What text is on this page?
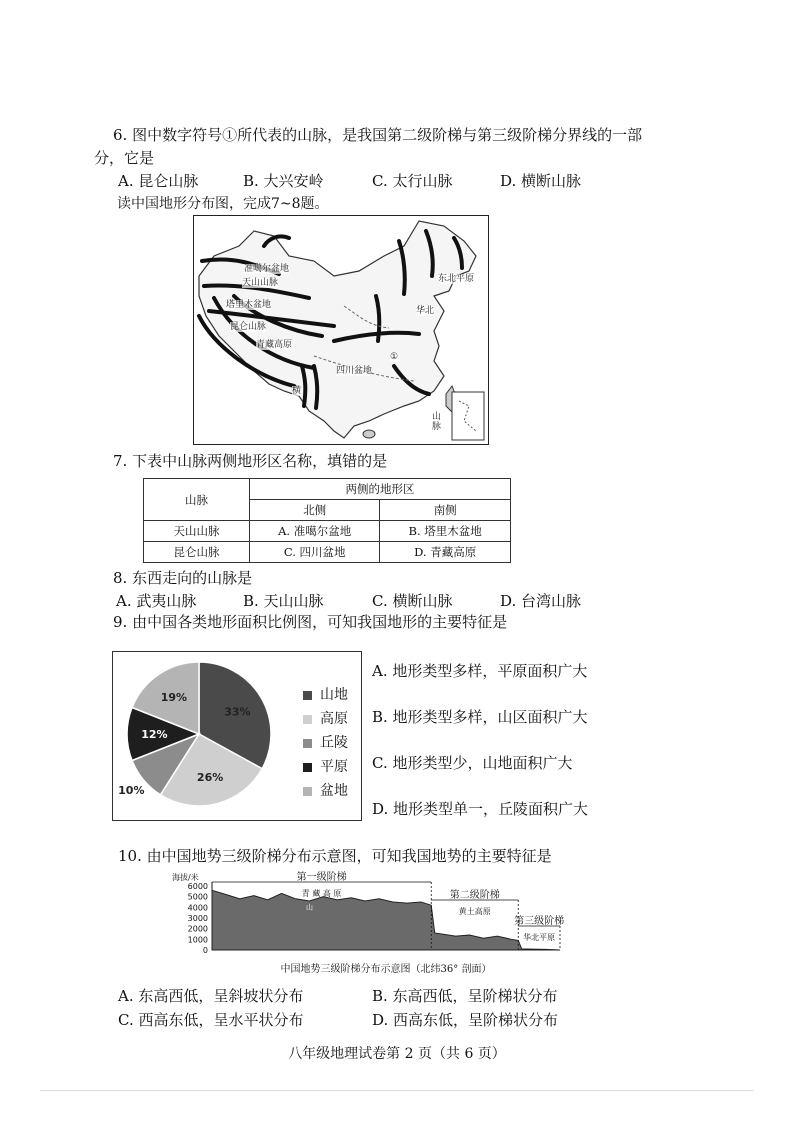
6. 图中数字符号①所代表的山脉，是我国第二级阶梯与第三级阶梯分界线的一部
分，它是
A. 昆仑山脉	B. 大兴安岭	C. 太行山脉	D. 横断山脉
读中国地形分布图，完成7~8题。
准噶尔盆地
天山山脉
塔里木盆地
昆仑山脉
青藏高原
四川盆地
横
东北平原
华北
①
山
脉
7. 下表中山脉两侧地形区名称，填错的是
山脉	两侧的地形区	
	北侧	南侧
天山山脉	A. 准噶尔盆地	B. 塔里木盆地
昆仑山脉	C. 四川盆地	D. 青藏高原
8. 东西走向的山脉是
A. 武夷山脉	B. 天山山脉	C. 横断山脉	D. 台湾山脉
9. 由中国各类地形面积比例图，可知我国地形的主要特征是
33%
26%
10%
12%
19%	山地
高原
丘陵
平原
盆地
A. 地形类型多样，平原面积广大
B. 地形类型多样，山区面积广大
C. 地形类型少，山地面积广大
D. 地形类型单一，丘陵面积广大
10. 由中国地势三级阶梯分布示意图，可知我国地势的主要特征是
海拔/米
6000
5000
4000
3000
2000
1000
0
第一级阶梯
青 藏 高 原	第二级阶梯
黄土高原
第三级阶梯
华北平原
山
中国地势三级阶梯分布示意图（北纬36° 剖面）
A. 东高西低，呈斜坡状分布	B. 东高西低，呈阶梯状分布
C. 西高东低，呈水平状分布	D. 西高东低，呈阶梯状分布
八年级地理试卷第 2 页（共 6 页）
